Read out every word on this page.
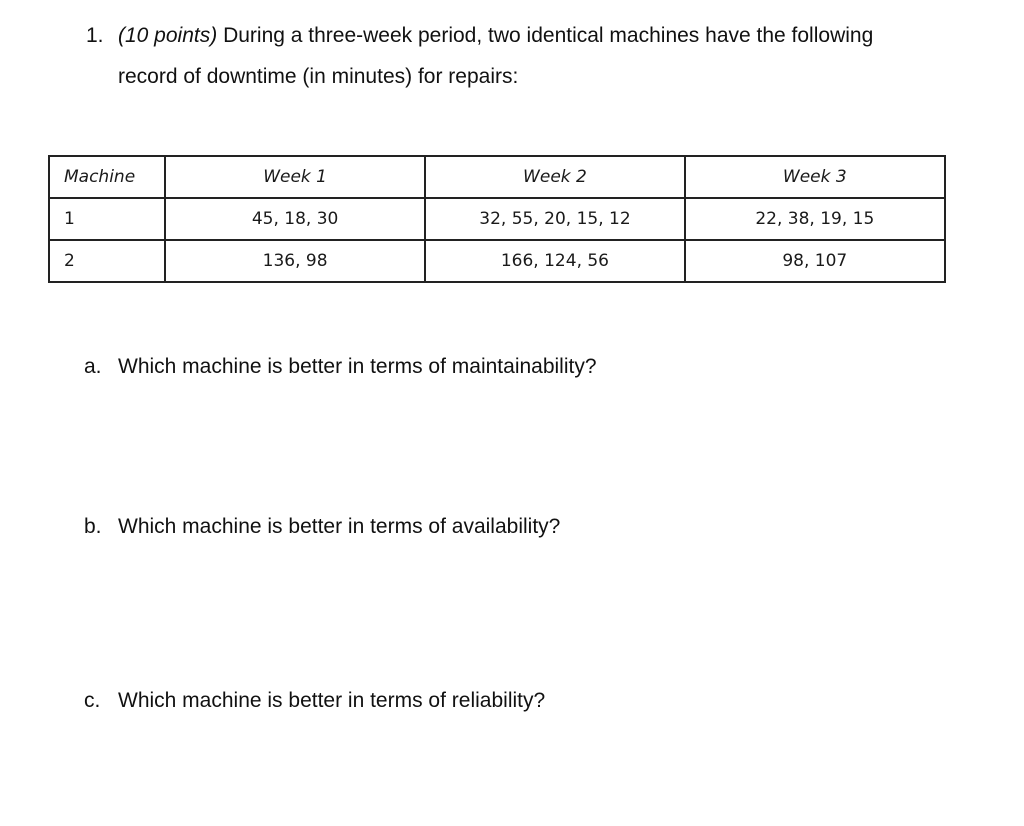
1. (10 points) During a three-week period, two identical machines have the following
record of downtime (in minutes) for repairs:
Machine	Week 1	Week 2	Week 3
1	45, 18, 30	32, 55, 20, 15, 12	22, 38, 19, 15
2	136, 98	166, 124, 56	98, 107
a. Which machine is better in terms of maintainability?
b. Which machine is better in terms of availability?
c. Which machine is better in terms of reliability?
